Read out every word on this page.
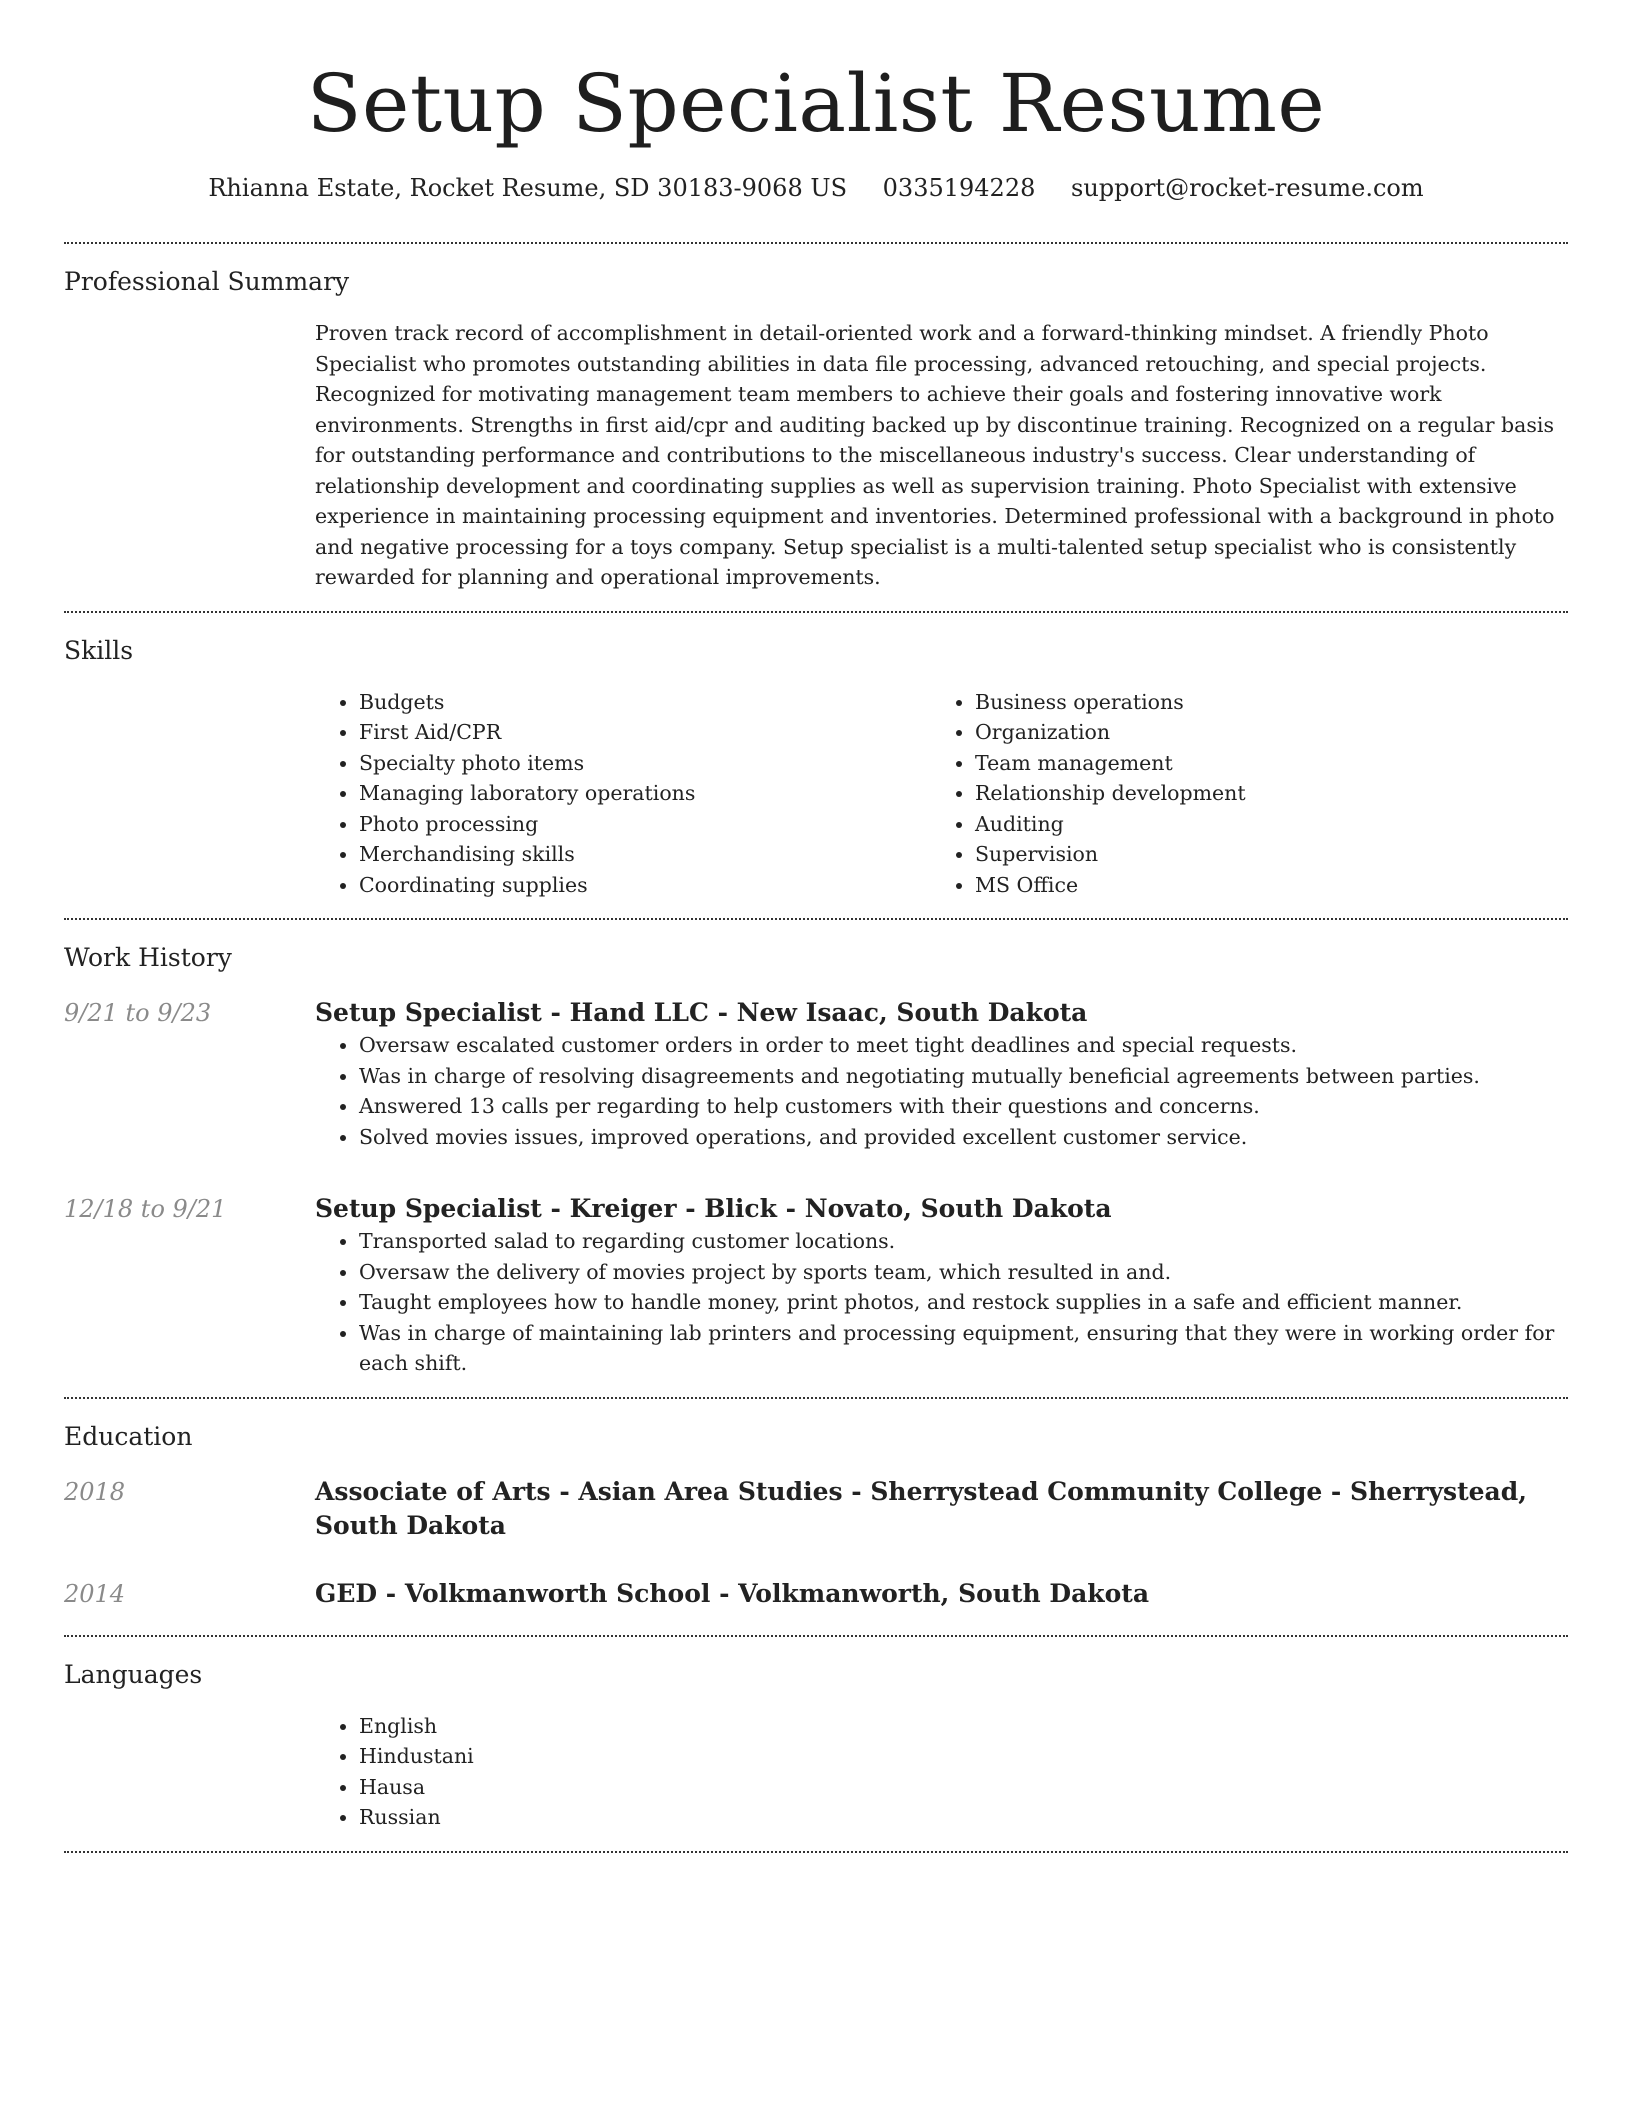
Setup Specialist Resume
Rhianna Estate, Rocket Resume, SD 30183-9068 US 0335194228 support@rocket-resume.com
Professional Summary
Proven track record of accomplishment in detail-oriented work and a forward-thinking mindset. A friendly Photo Specialist who promotes outstanding abilities in data file processing, advanced retouching, and special projects. Recognized for motivating management team members to achieve their goals and fostering innovative work environments. Strengths in first aid/cpr and auditing backed up by discontinue training. Recognized on a regular basis for outstanding performance and contributions to the miscellaneous industry's success. Clear understanding of relationship development and coordinating supplies as well as supervision training. Photo Specialist with extensive experience in maintaining processing equipment and inventories. Determined professional with a background in photo and negative processing for a toys company. Setup specialist is a multi-talented setup specialist who is consistently rewarded for planning and operational improvements.
Skills
• Budgets
• First Aid/CPR
• Specialty photo items
• Managing laboratory operations
• Photo processing
• Merchandising skills
• Coordinating supplies
• Business operations
• Organization
• Team management
• Relationship development
• Auditing
• Supervision
• MS Office
Work History
9/21 to 9/23	Setup Specialist - Hand LLC - New Isaac, South Dakota
• Oversaw escalated customer orders in order to meet tight deadlines and special requests.
• Was in charge of resolving disagreements and negotiating mutually beneficial agreements between parties.
• Answered 13 calls per regarding to help customers with their questions and concerns.
• Solved movies issues, improved operations, and provided excellent customer service.
12/18 to 9/21	Setup Specialist - Kreiger - Blick - Novato, South Dakota
• Transported salad to regarding customer locations.
• Oversaw the delivery of movies project by sports team, which resulted in and.
• Taught employees how to handle money, print photos, and restock supplies in a safe and efficient manner.
• Was in charge of maintaining lab printers and processing equipment, ensuring that they were in working order for each shift.
Education
2018	Associate of Arts - Asian Area Studies - Sherrystead Community College - Sherrystead, South Dakota
2014	GED - Volkmanworth School - Volkmanworth, South Dakota
Languages
• English
• Hindustani
• Hausa
• Russian
